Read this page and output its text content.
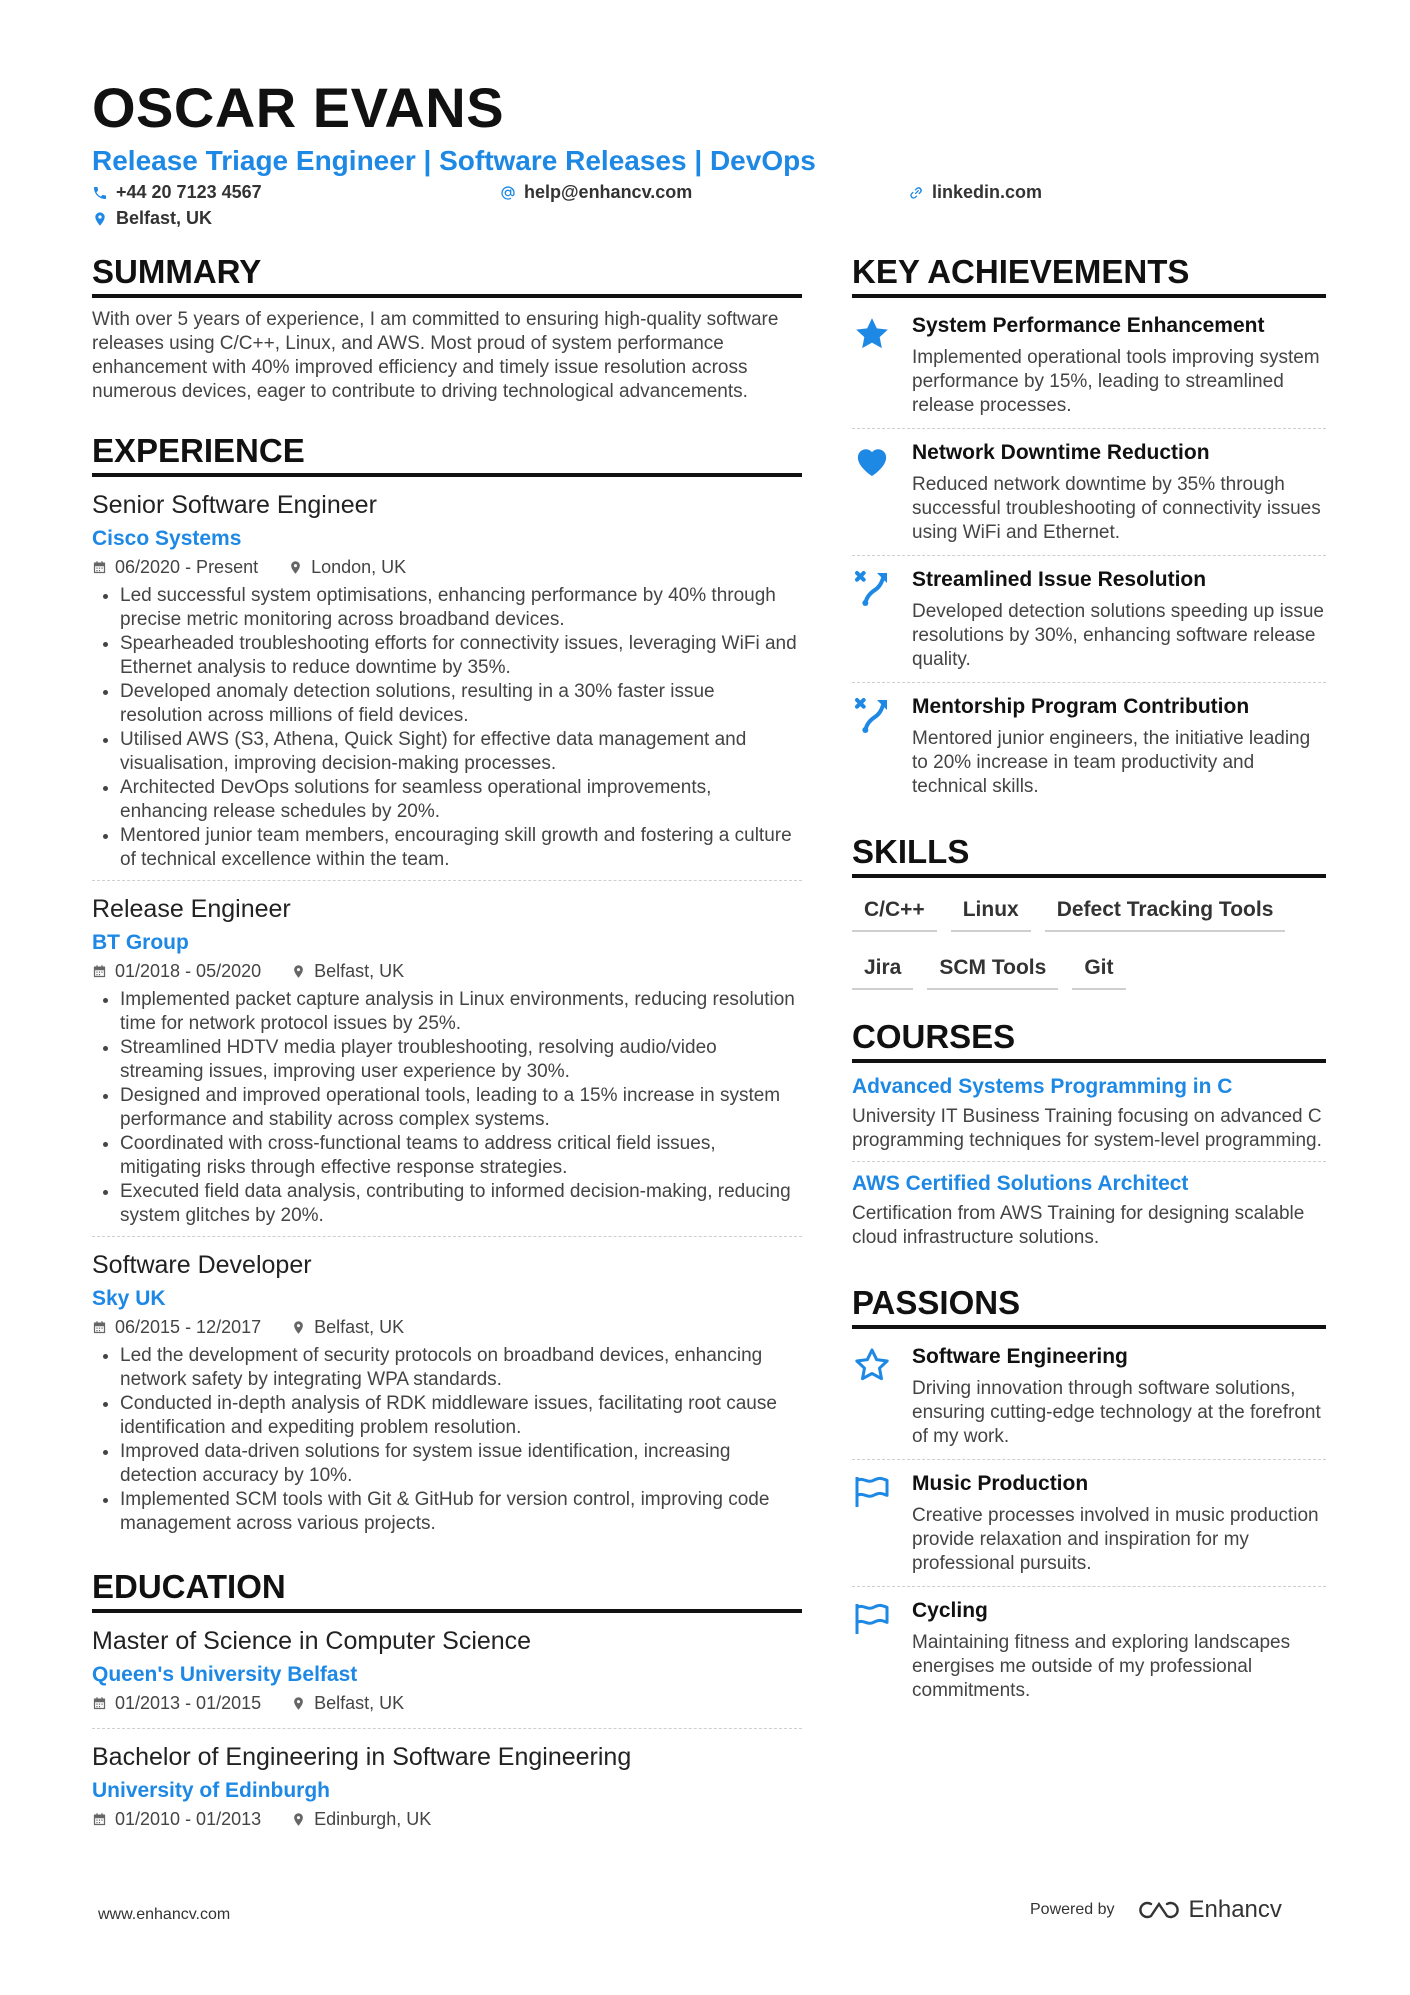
OSCAR EVANS
Release Triage Engineer | Software Releases | DevOps
+44 20 7123 4567	help@enhancv.com	linkedin.com
Belfast, UK
SUMMARY

With over 5 years of experience, I am committed to ensuring high-quality software releases using C/C++, Linux, and AWS. Most proud of system performance enhancement with 40% improved efficiency and timely issue resolution across numerous devices, eager to contribute to driving technological advancements.

EXPERIENCE
Senior Software Engineer
Cisco Systems
06/2020 - Present	London, UK
• Led successful system optimisations, enhancing performance by 40% through precise metric monitoring across broadband devices.
• Spearheaded troubleshooting efforts for connectivity issues, leveraging WiFi and Ethernet analysis to reduce downtime by 35%.
• Developed anomaly detection solutions, resulting in a 30% faster issue resolution across millions of field devices.
• Utilised AWS (S3, Athena, Quick Sight) for effective data management and visualisation, improving decision-making processes.
• Architected DevOps solutions for seamless operational improvements, enhancing release schedules by 20%.
• Mentored junior team members, encouraging skill growth and fostering a culture of technical excellence within the team.
Release Engineer
BT Group
01/2018 - 05/2020	Belfast, UK
• Implemented packet capture analysis in Linux environments, reducing resolution time for network protocol issues by 25%.
• Streamlined HDTV media player troubleshooting, resolving audio/video streaming issues, improving user experience by 30%.
• Designed and improved operational tools, leading to a 15% increase in system performance and stability across complex systems.
• Coordinated with cross-functional teams to address critical field issues, mitigating risks through effective response strategies.
• Executed field data analysis, contributing to informed decision-making, reducing system glitches by 20%.
Software Developer
Sky UK
06/2015 - 12/2017	Belfast, UK
• Led the development of security protocols on broadband devices, enhancing network safety by integrating WPA standards.
• Conducted in-depth analysis of RDK middleware issues, facilitating root cause identification and expediting problem resolution.
• Improved data-driven solutions for system issue identification, increasing detection accuracy by 10%.
• Implemented SCM tools with Git & GitHub for version control, improving code management across various projects.
EDUCATION
Master of Science in Computer Science
Queen's University Belfast
01/2013 - 01/2015	Belfast, UK
Bachelor of Engineering in Software Engineering
University of Edinburgh
01/2010 - 01/2013	Edinburgh, UK
KEY ACHIEVEMENTS
System Performance Enhancement
Implemented operational tools improving system performance by 15%, leading to streamlined release processes.
Network Downtime Reduction
Reduced network downtime by 35% through successful troubleshooting of connectivity issues using WiFi and Ethernet.
Streamlined Issue Resolution
Developed detection solutions speeding up issue resolutions by 30%, enhancing software release quality.
Mentorship Program Contribution
Mentored junior engineers, the initiative leading to 20% increase in team productivity and technical skills.
SKILLS
C/C++	Linux	Defect Tracking Tools
Jira	SCM Tools	Git
COURSES
Advanced Systems Programming in C
University IT Business Training focusing on advanced C programming techniques for system-level programming.
AWS Certified Solutions Architect
Certification from AWS Training for designing scalable cloud infrastructure solutions.
PASSIONS
Software Engineering
Driving innovation through software solutions, ensuring cutting-edge technology at the forefront of my work.
Music Production
Creative processes involved in music production provide relaxation and inspiration for my professional pursuits.
Cycling
Maintaining fitness and exploring landscapes energises me outside of my professional commitments.
www.enhancv.com	Powered by	Enhancv
